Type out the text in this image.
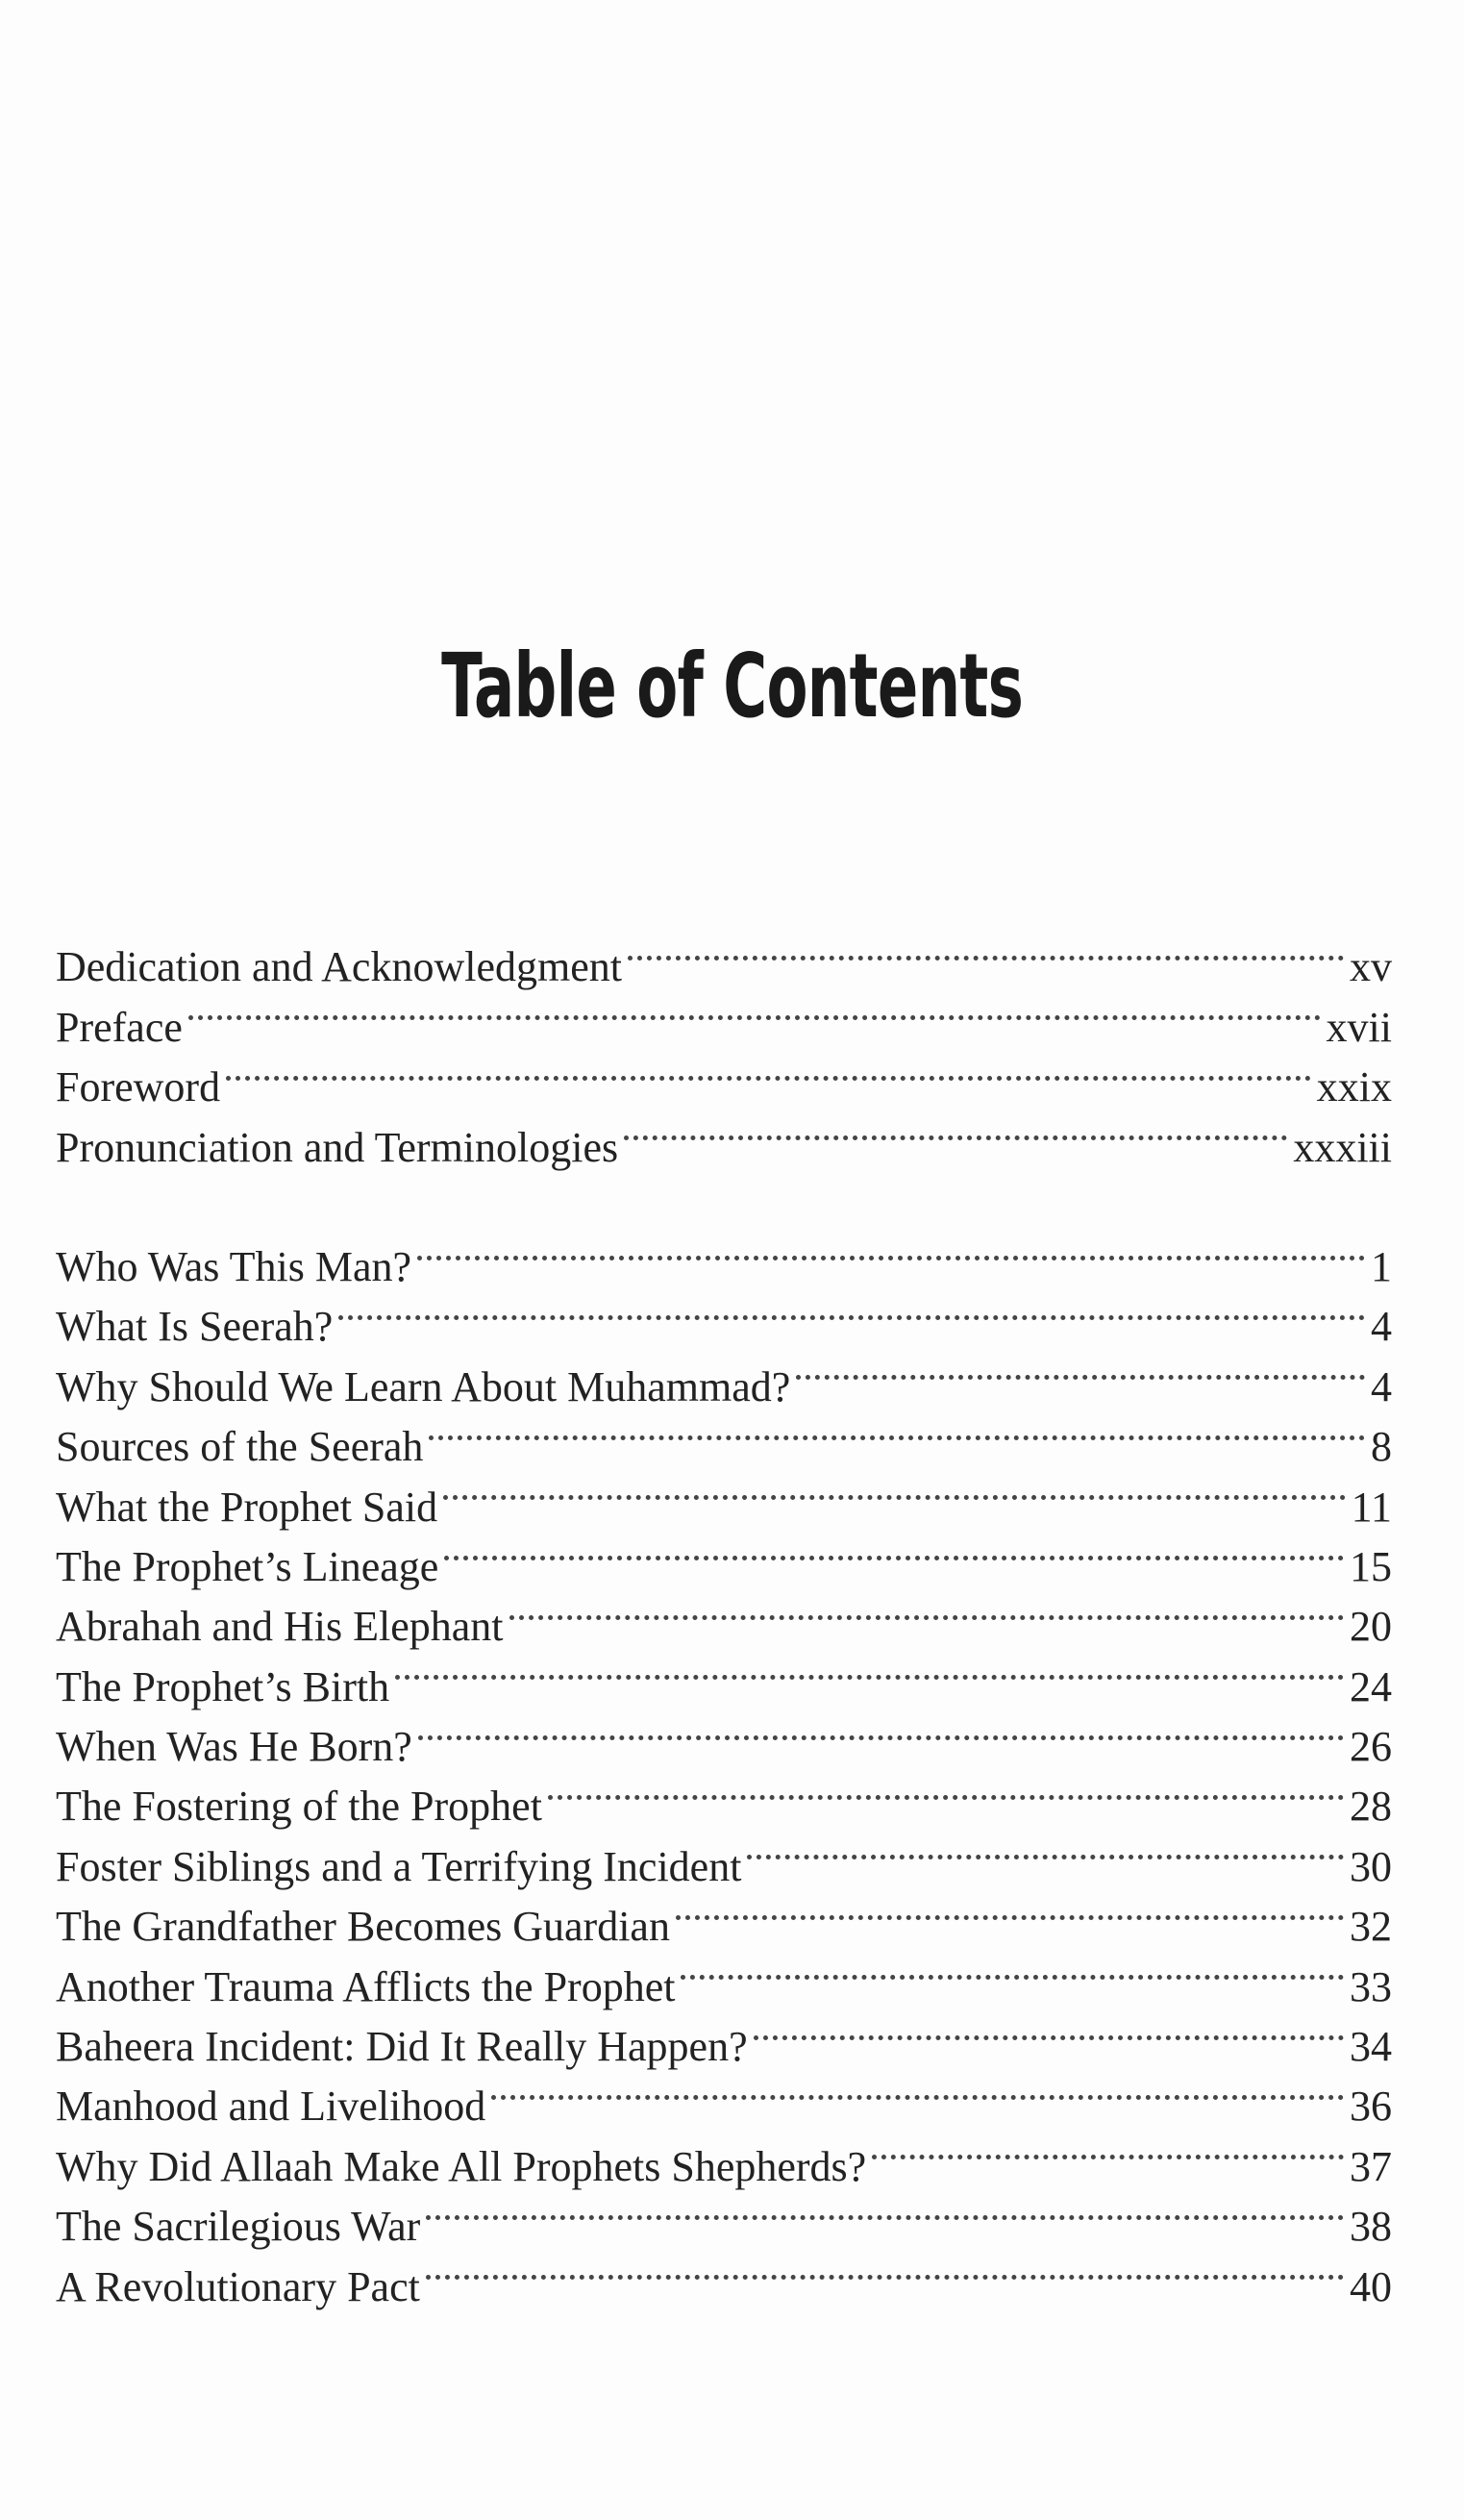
Table of Contents
Dedication and Acknowledgment	xv
Preface	xvii
Foreword	xxix
Pronunciation and Terminologies	xxxiii
Who Was This Man?	1
What Is Seerah?	4
Why Should We Learn About Muhammad?	4
Sources of the Seerah	8
What the Prophet Said	11
The Prophet’s Lineage	15
Abrahah and His Elephant	20
The Prophet’s Birth	24
When Was He Born?	26
The Fostering of the Prophet	28
Foster Siblings and a Terrifying Incident	30
The Grandfather Becomes Guardian	32
Another Trauma Afflicts the Prophet	33
Baheera Incident: Did It Really Happen?	34
Manhood and Livelihood	36
Why Did Allaah Make All Prophets Shepherds?	37
The Sacrilegious War	38
A Revolutionary Pact	40
